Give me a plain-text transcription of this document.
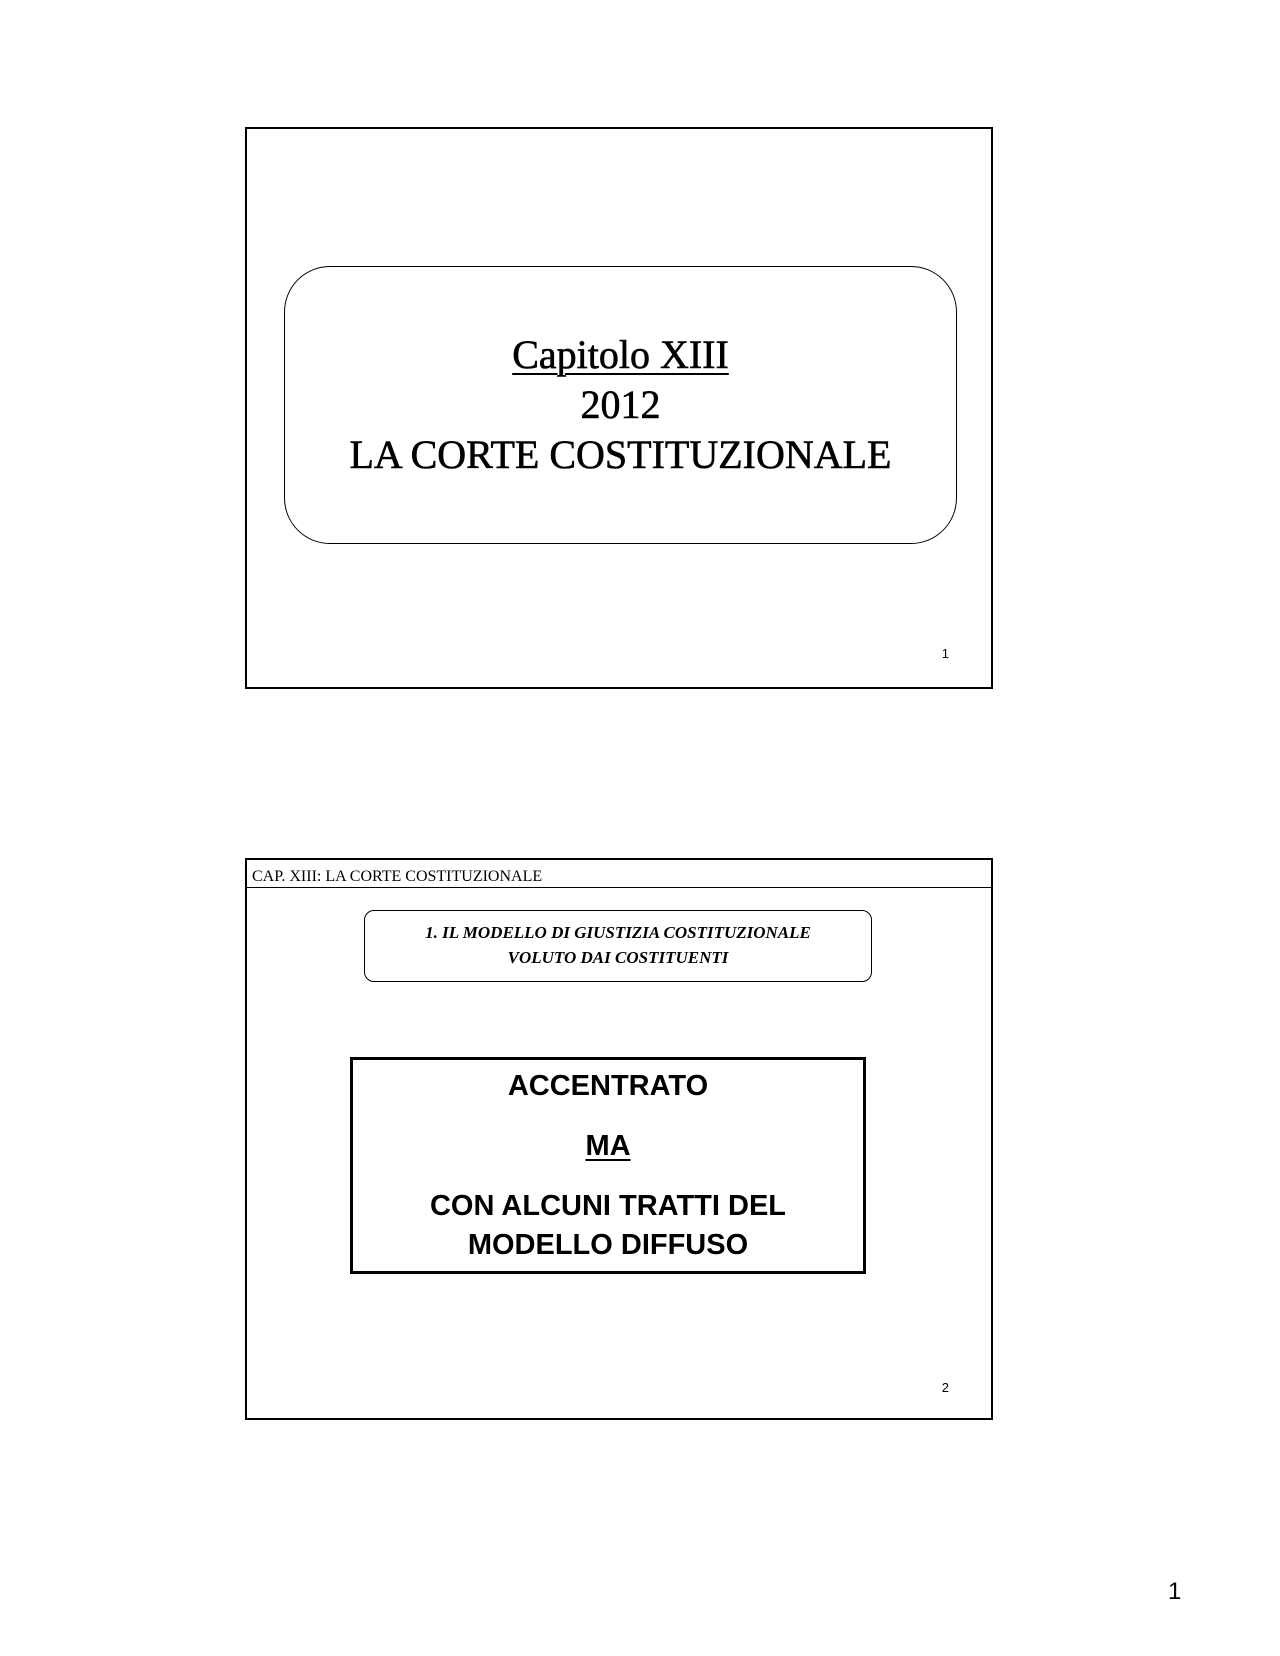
Capitolo XIII
2012
LA CORTE COSTITUZIONALE
1
CAP. XIII: LA CORTE COSTITUZIONALE
1. IL MODELLO DI GIUSTIZIA COSTITUZIONALE
VOLUTO DAI COSTITUENTI
ACCENTRATO
MA
CON ALCUNI TRATTI DEL
MODELLO DIFFUSO
2
1
